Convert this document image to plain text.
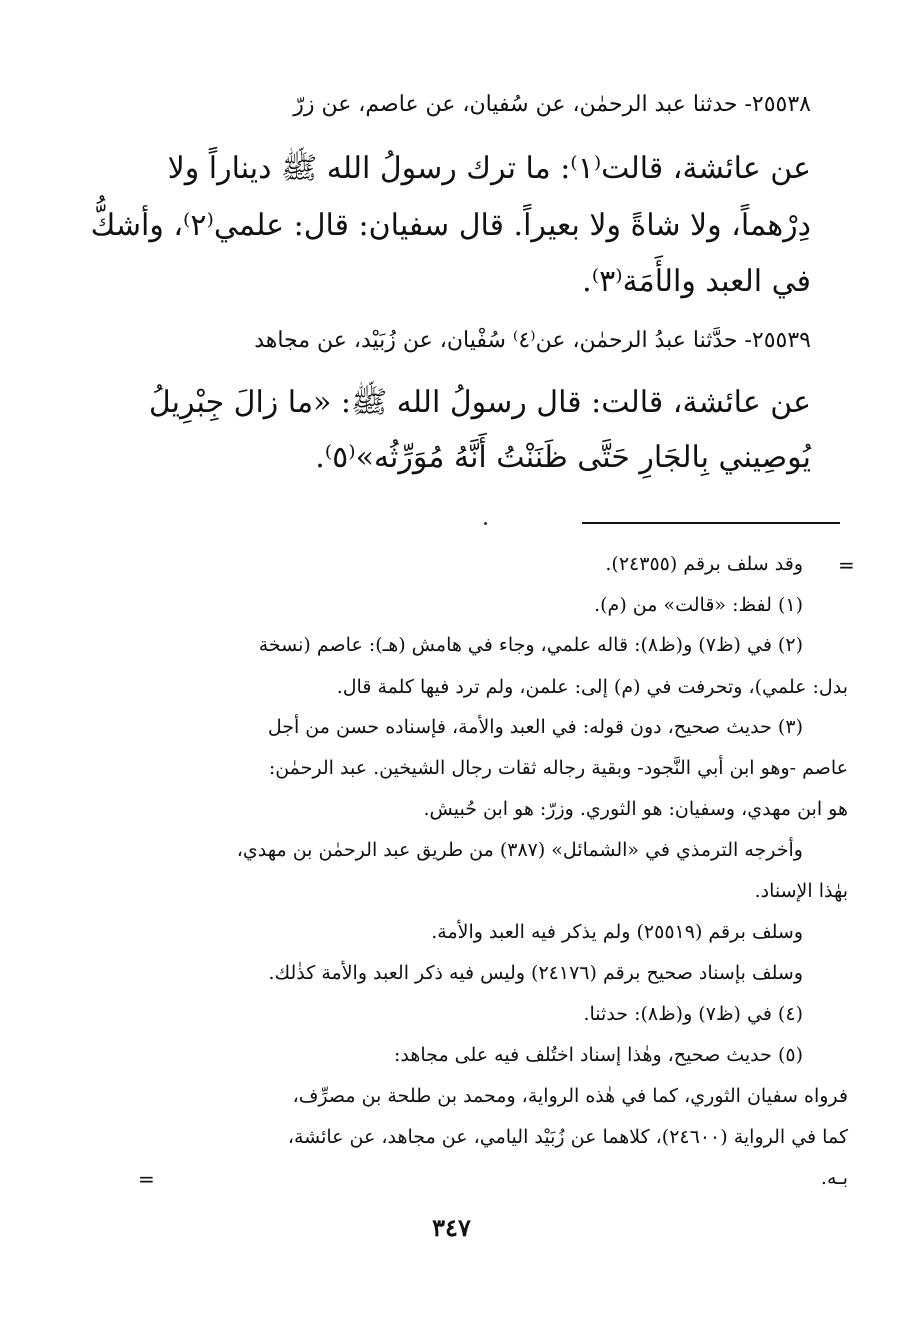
٢٥٥٣٨- حدثنا عبد الرحمٰن، عن سُفيان، عن عاصم، عن زرّ
عن عائشة، قالت⁽١⁾: ما ترك رسولُ الله ﷺ ديناراً ولا
دِرْهماً، ولا شاةً ولا بعيراً. قال سفيان: قال: علمي⁽٢⁾، وأشكُّ
في العبد والأَمَة⁽٣⁾.
٢٥٥٣٩- حدَّثنا عبدُ الرحمٰن، عن⁽٤⁾ سُفْيان، عن زُبَيْد، عن مجاهد
عن عائشة، قالت: قال رسولُ الله ﷺ: «ما زالَ جِبْرِيلُ
يُوصِيني بِالجَارِ حَتَّى ظَنَنْتُ أَنَّهُ مُوَرِّثُه»⁽٥⁾.
=
وقد سلف برقم (٢٤٣٥٥).
(١) لفظ: «قالت» من (م).
(٢) في (ظ٧) و(ظ٨): قاله علمي، وجاء في هامش (هـ): عاصم (نسخة
بدل: علمي)، وتحرفت في (م) إلى: علمن، ولم ترد فيها كلمة قال.
(٣) حديث صحيح، دون قوله: في العبد والأمة، فإسناده حسن من أجل
عاصم -وهو ابن أبي النَّجود- وبقية رجاله ثقات رجال الشيخين. عبد الرحمٰن:
هو ابن مهدي، وسفيان: هو الثوري. وزرّ: هو ابن حُبيش.
وأخرجه الترمذي في «الشمائل» (٣٨٧) من طريق عبد الرحمٰن بن مهدي،
بهٰذا الإسناد.
وسلف برقم (٢٥٥١٩) ولم يذكر فيه العبد والأمة.
وسلف بإسناد صحيح برقم (٢٤١٧٦) وليس فيه ذكر العبد والأمة كذٰلك.
(٤) في (ظ٧) و(ظ٨): حدثنا.
(٥) حديث صحيح، وهٰذا إسناد اختُلف فيه على مجاهد:
فرواه سفيان الثوري، كما في هٰذه الرواية، ومحمد بن طلحة بن مصرِّف،
كما في الرواية (٢٤٦٠٠)، كلاهما عن زُبَيْد اليامي، عن مجاهد، عن عائشة،
بـه.
=
٣٤٧
